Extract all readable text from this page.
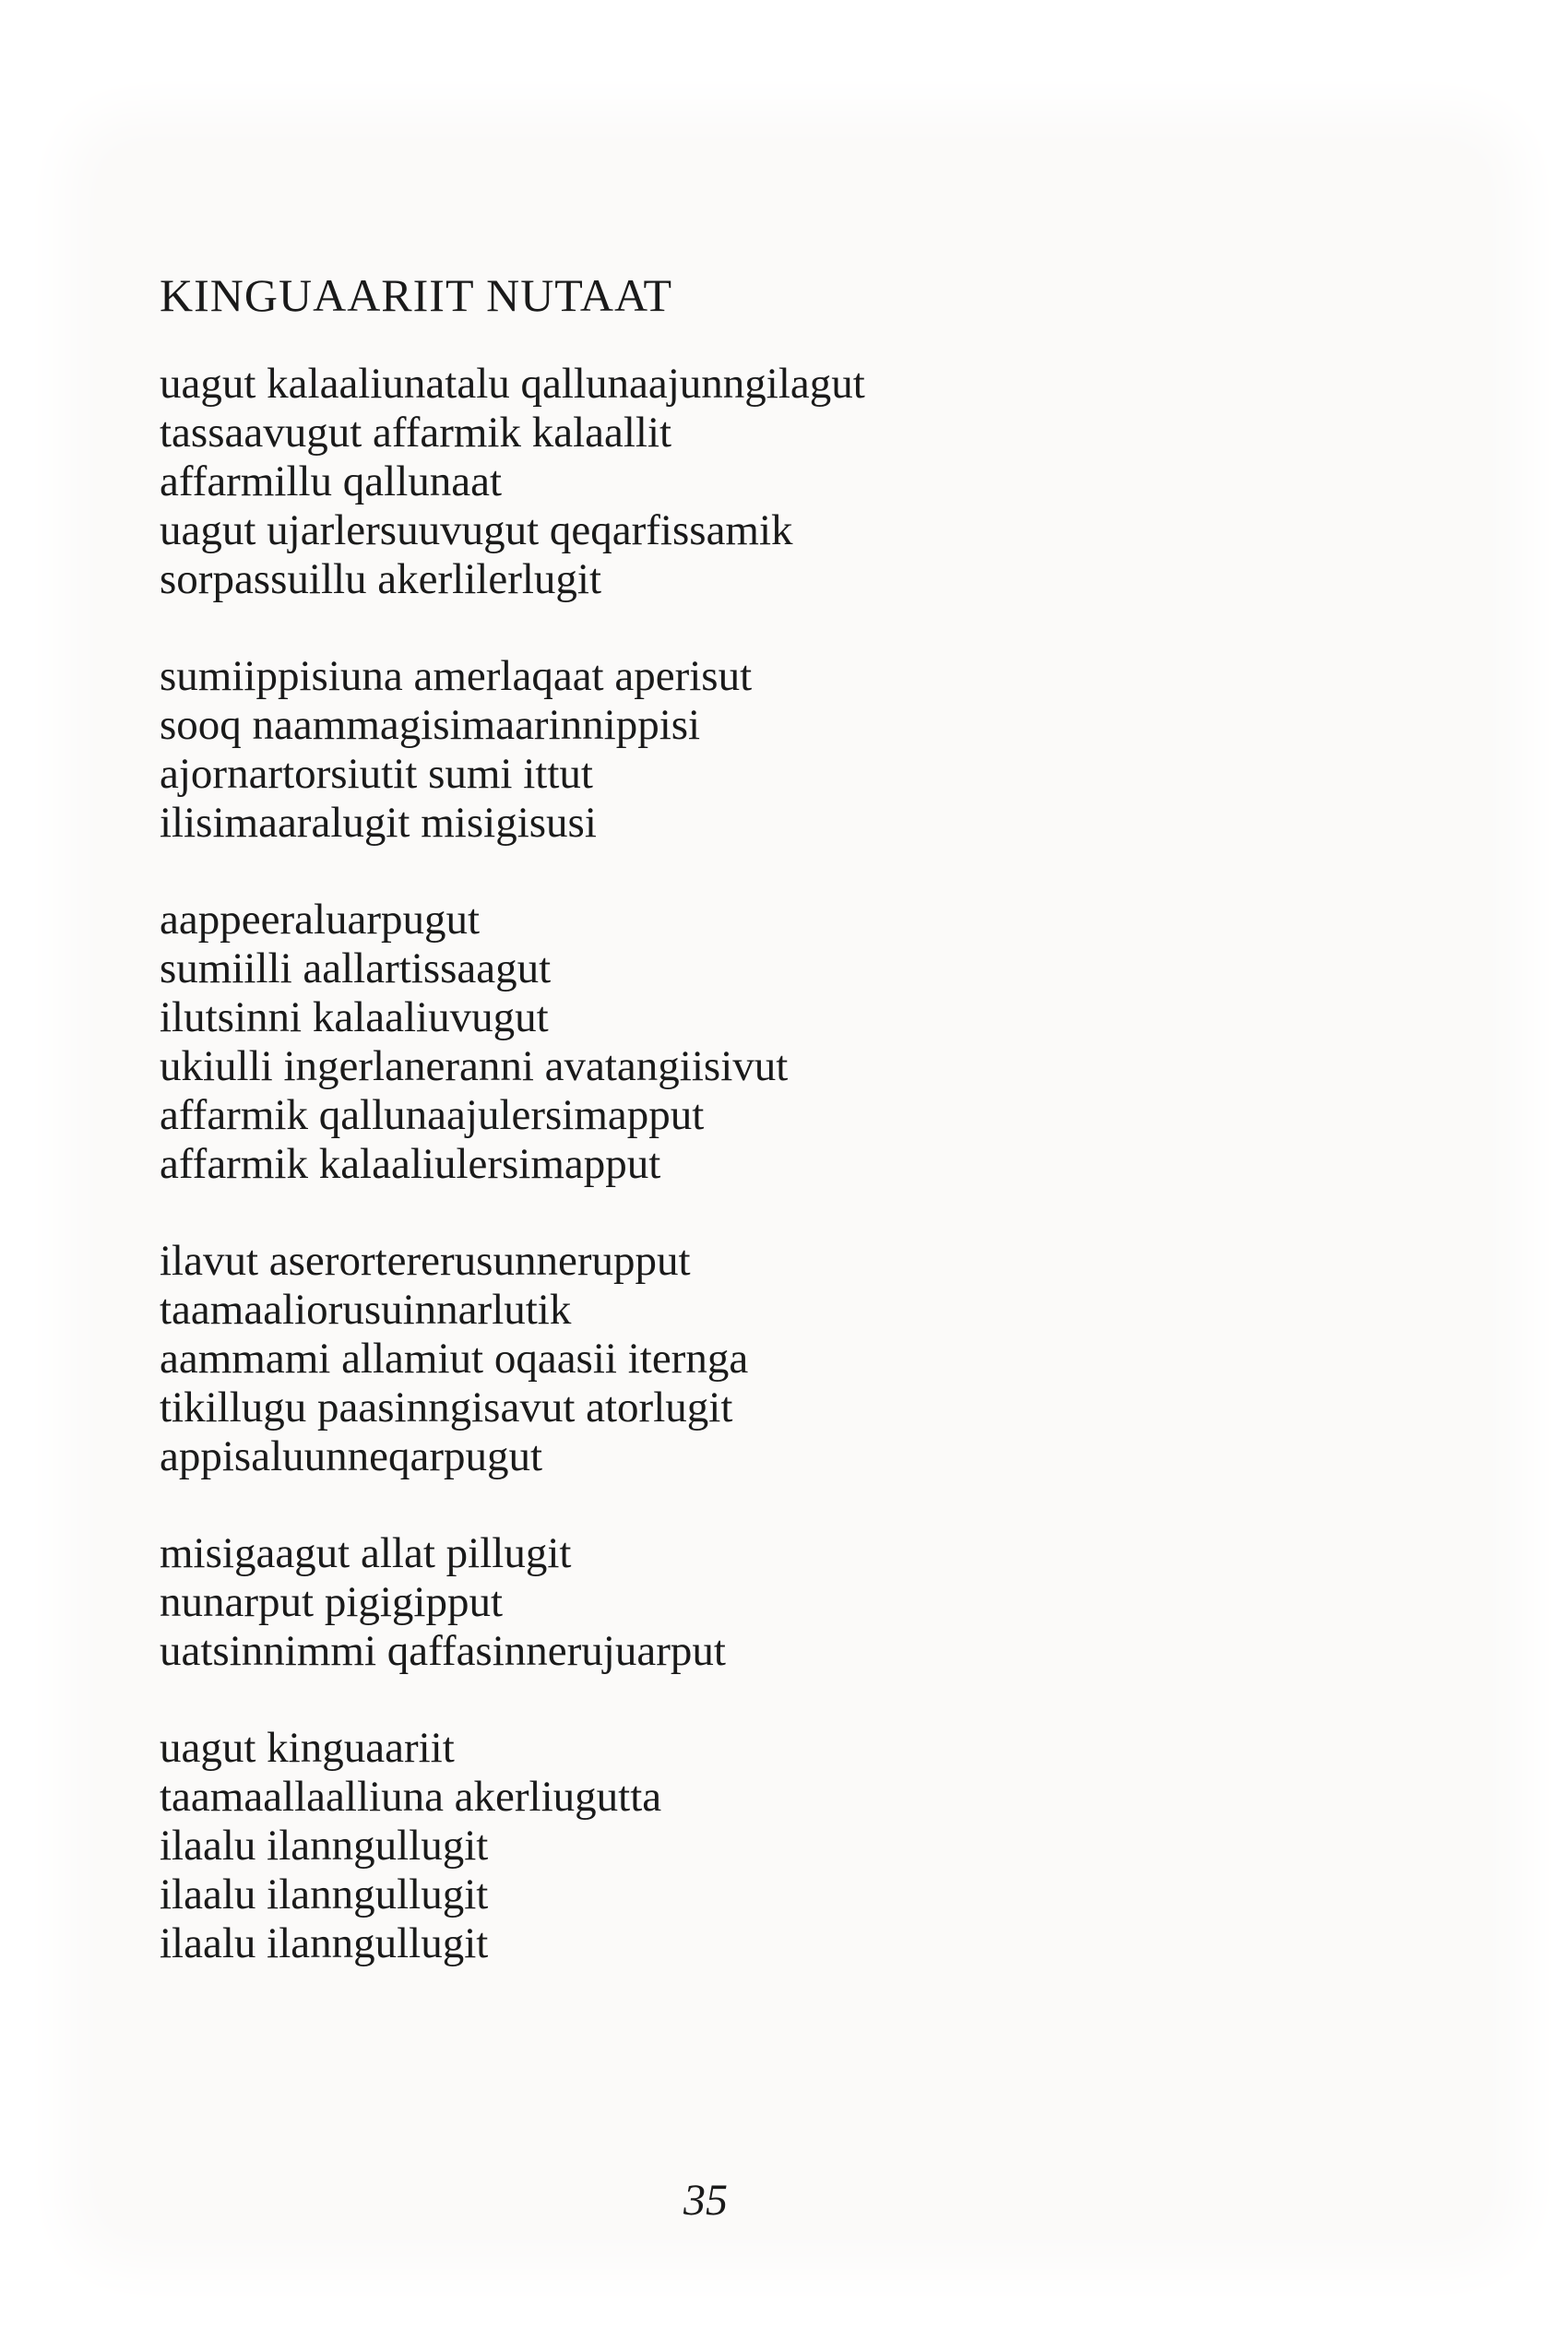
KINGUAARIIT NUTAAT
uagut kalaaliunatalu qallunaajunngilagut
tassaavugut affarmik kalaallit
affarmillu qallunaat
uagut ujarlersuuvugut qeqarfissamik
sorpassuillu akerlilerlugit
sumiippisiuna amerlaqaat aperisut
sooq naammagisimaarinnippisi
ajornartorsiutit sumi ittut
ilisimaaralugit misigisusi
aappeeraluarpugut
sumiilli aallartissaagut
ilutsinni kalaaliuvugut
ukiulli ingerlaneranni avatangiisivut
affarmik qallunaajulersimapput
affarmik kalaaliulersimapput
ilavut aserortererusunnerupput
taamaaliorusuinnarlutik
aammami allamiut oqaasii iternga
tikillugu paasinngisavut atorlugit
appisaluunneqarpugut
misigaagut allat pillugit
nunarput pigigipput
uatsinnimmi qaffasinnerujuarput
uagut kinguaariit
taamaallaalliuna akerliugutta
ilaalu ilanngullugit
ilaalu ilanngullugit
ilaalu ilanngullugit
35
